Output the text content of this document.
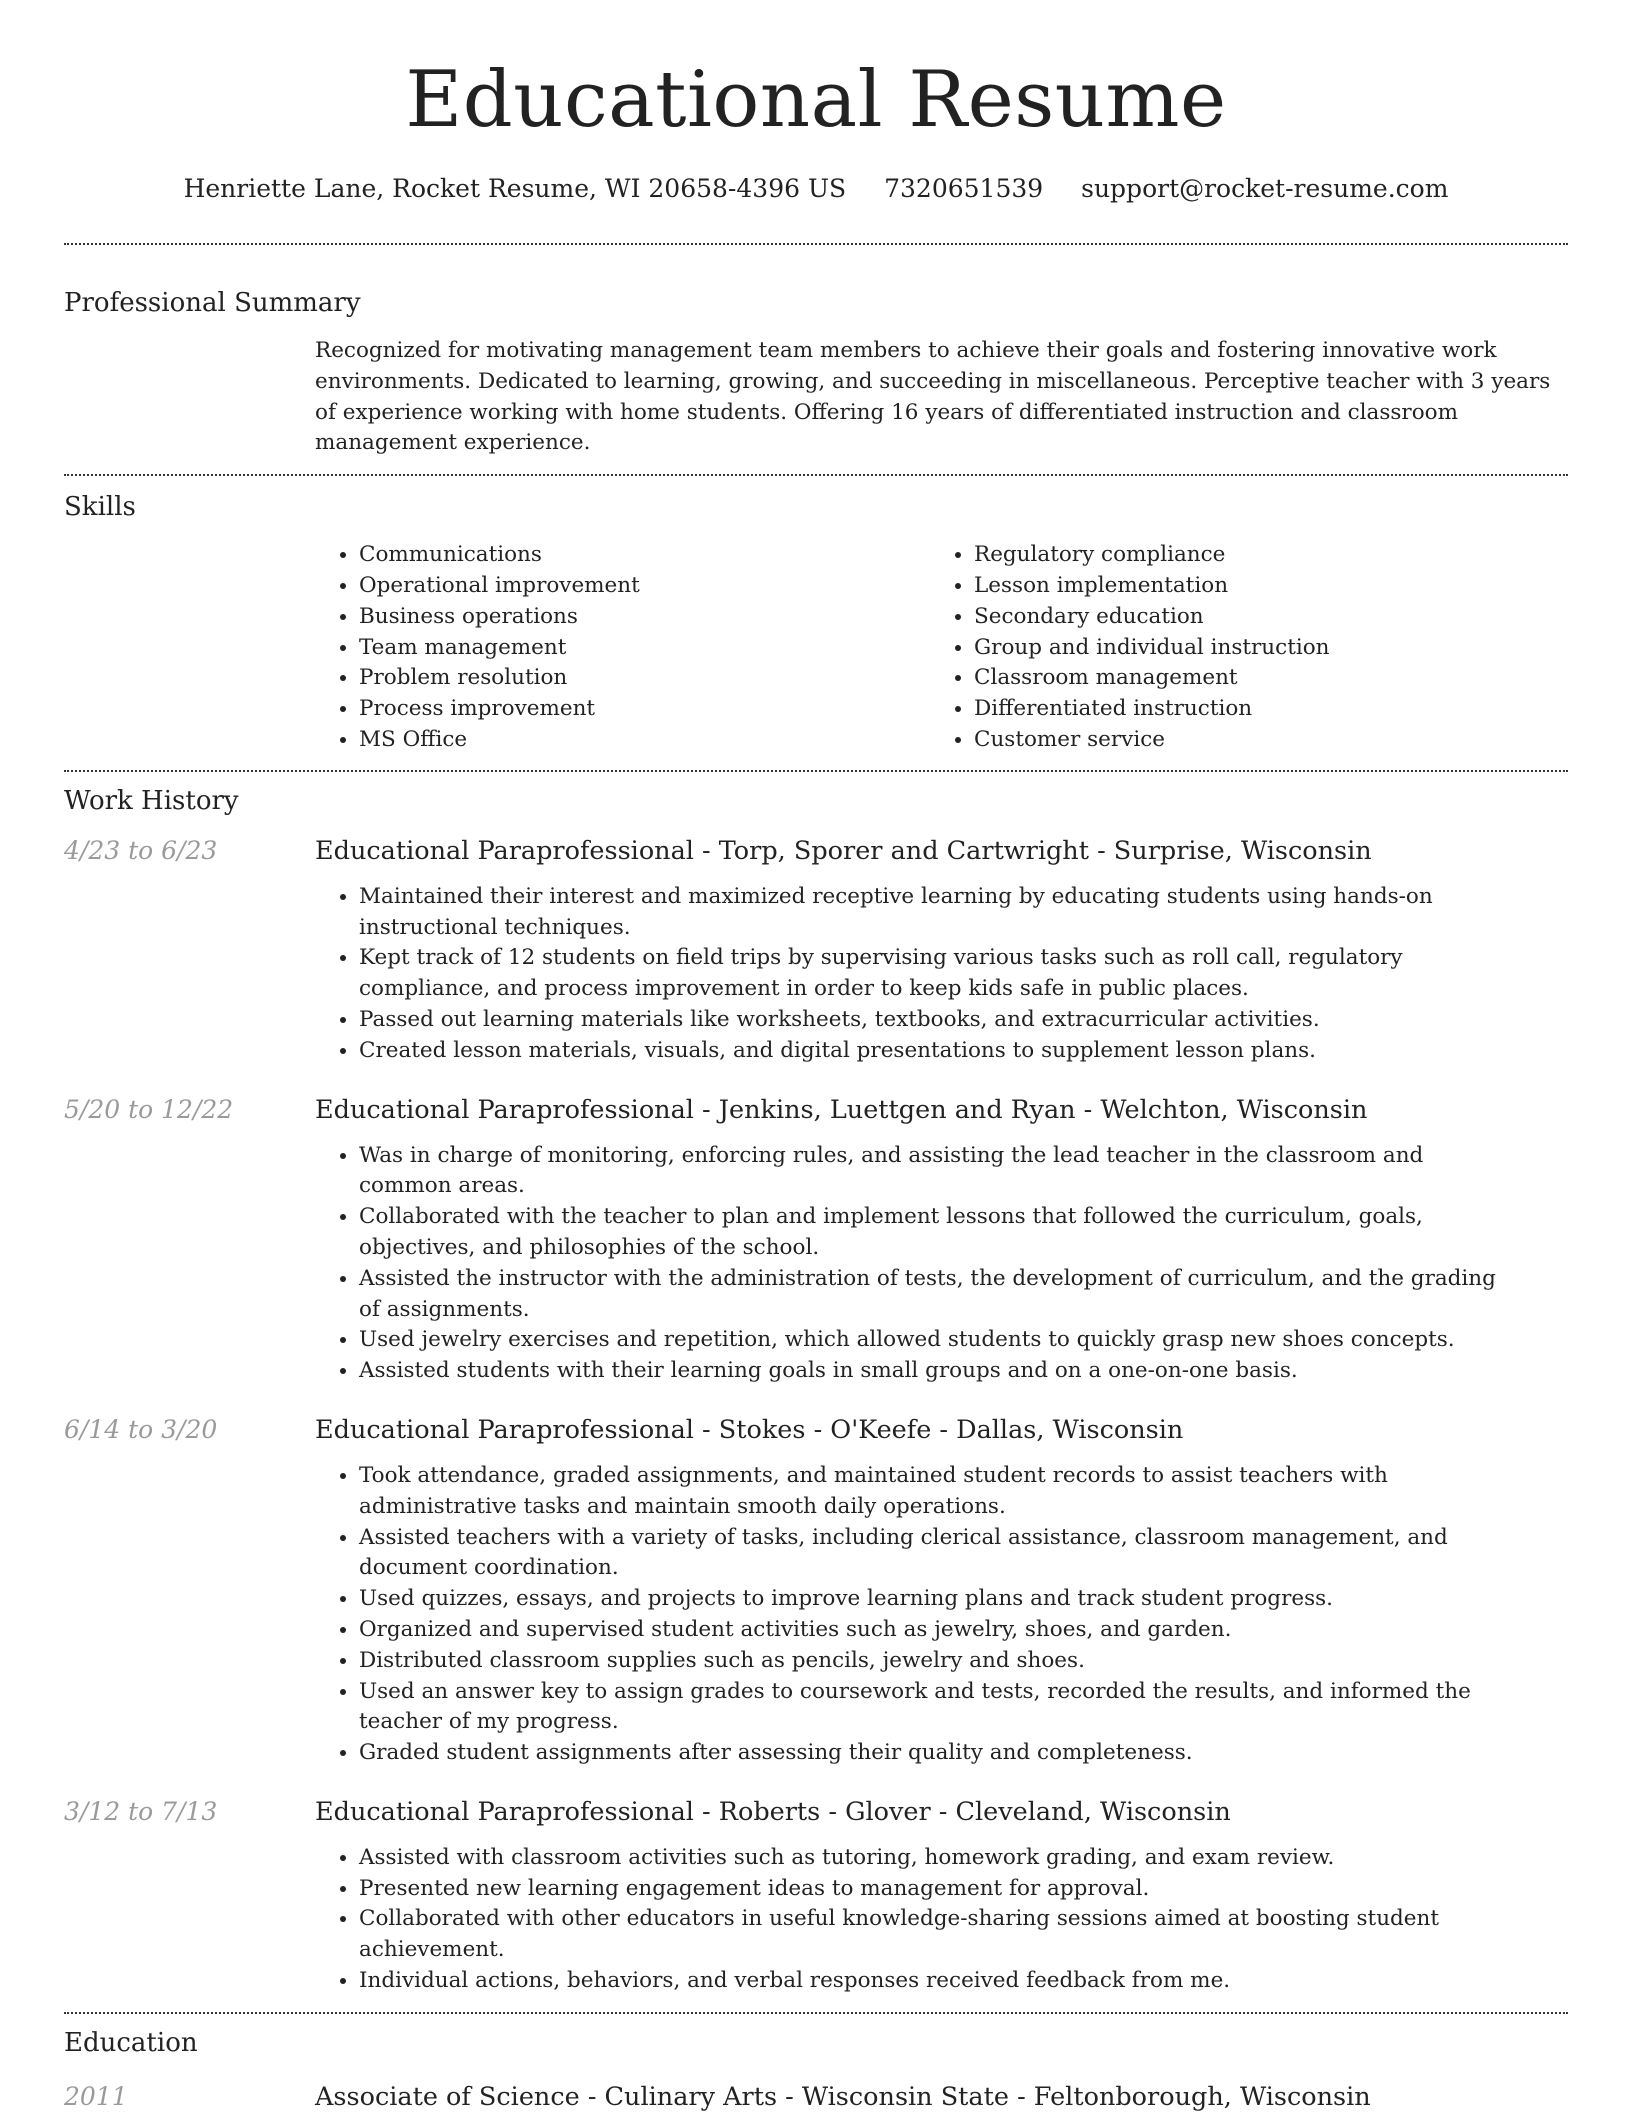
Educational Resume
Henriette Lane, Rocket Resume, WI 20658-4396 US 7320651539 support@rocket-resume.com
Professional Summary

Recognized for motivating management team members to achieve their goals and fostering innovative work environments. Dedicated to learning, growing, and succeeding in miscellaneous. Perceptive teacher with 3 years of experience working with home students. Offering 16 years of differentiated instruction and classroom management experience.

Skills
• Communications
• Operational improvement
• Business operations
• Team management
• Problem resolution
• Process improvement
• MS Office
• Regulatory compliance
• Lesson implementation
• Secondary education
• Group and individual instruction
• Classroom management
• Differentiated instruction
• Customer service
Work History
4/23 to 6/23	Educational Paraprofessional - Torp, Sporer and Cartwright - Surprise, Wisconsin
• Maintained their interest and maximized receptive learning by educating students using hands-on instructional techniques.
• Kept track of 12 students on field trips by supervising various tasks such as roll call, regulatory compliance, and process improvement in order to keep kids safe in public places.
• Passed out learning materials like worksheets, textbooks, and extracurricular activities.
• Created lesson materials, visuals, and digital presentations to supplement lesson plans.
5/20 to 12/22	Educational Paraprofessional - Jenkins, Luettgen and Ryan - Welchton, Wisconsin
• Was in charge of monitoring, enforcing rules, and assisting the lead teacher in the classroom and common areas.
• Collaborated with the teacher to plan and implement lessons that followed the curriculum, goals, objectives, and philosophies of the school.
• Assisted the instructor with the administration of tests, the development of curriculum, and the grading of assignments.
• Used jewelry exercises and repetition, which allowed students to quickly grasp new shoes concepts.
• Assisted students with their learning goals in small groups and on a one-on-one basis.
6/14 to 3/20	Educational Paraprofessional - Stokes - O'Keefe - Dallas, Wisconsin
• Took attendance, graded assignments, and maintained student records to assist teachers with administrative tasks and maintain smooth daily operations.
• Assisted teachers with a variety of tasks, including clerical assistance, classroom management, and document coordination.
• Used quizzes, essays, and projects to improve learning plans and track student progress.
• Organized and supervised student activities such as jewelry, shoes, and garden.
• Distributed classroom supplies such as pencils, jewelry and shoes.
• Used an answer key to assign grades to coursework and tests, recorded the results, and informed the teacher of my progress.
• Graded student assignments after assessing their quality and completeness.
3/12 to 7/13	Educational Paraprofessional - Roberts - Glover - Cleveland, Wisconsin
• Assisted with classroom activities such as tutoring, homework grading, and exam review.
• Presented new learning engagement ideas to management for approval.
• Collaborated with other educators in useful knowledge-sharing sessions aimed at boosting student achievement.
• Individual actions, behaviors, and verbal responses received feedback from me.
Education
2011	Associate of Science - Culinary Arts - Wisconsin State - Feltonborough, Wisconsin
